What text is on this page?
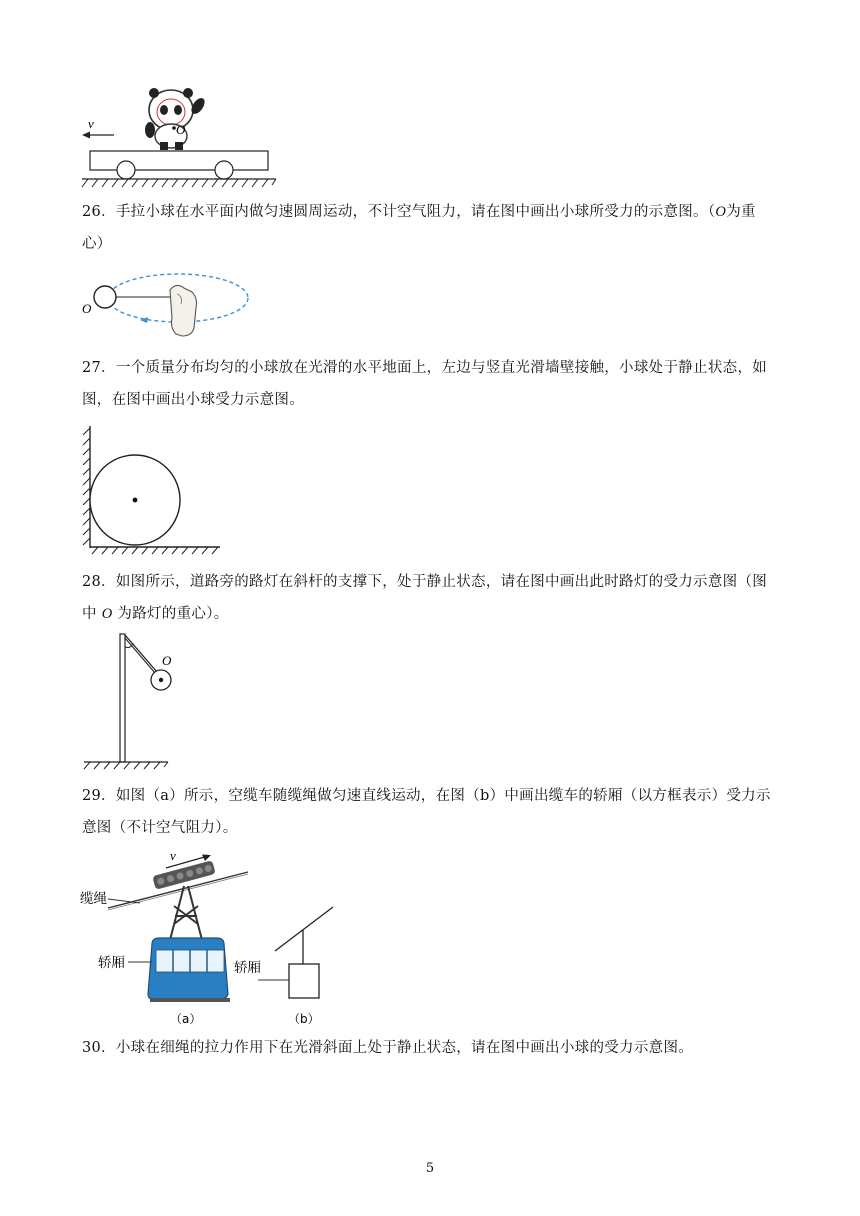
v	O
26．手拉小球在水平面内做匀速圆周运动，不计空气阻力，请在图中画出小球所受力的示意图。（O为重
心）
O
27．一个质量分布均匀的小球放在光滑的水平地面上，左边与竖直光滑墙壁接触，小球处于静止状态，如
图，在图中画出小球受力示意图。
28．如图所示，道路旁的路灯在斜杆的支撑下，处于静止状态，请在图中画出此时路灯的受力示意图（图
中 O 为路灯的重心）。
O
29．如图（a）所示，空缆车随缆绳做匀速直线运动，在图（b）中画出缆车的轿厢（以方框表示）受力示
意图（不计空气阻力）。
v
缆绳
轿厢
（a）
轿厢
（b）
30．小球在细绳的拉力作用下在光滑斜面上处于静止状态，请在图中画出小球的受力示意图。
5
